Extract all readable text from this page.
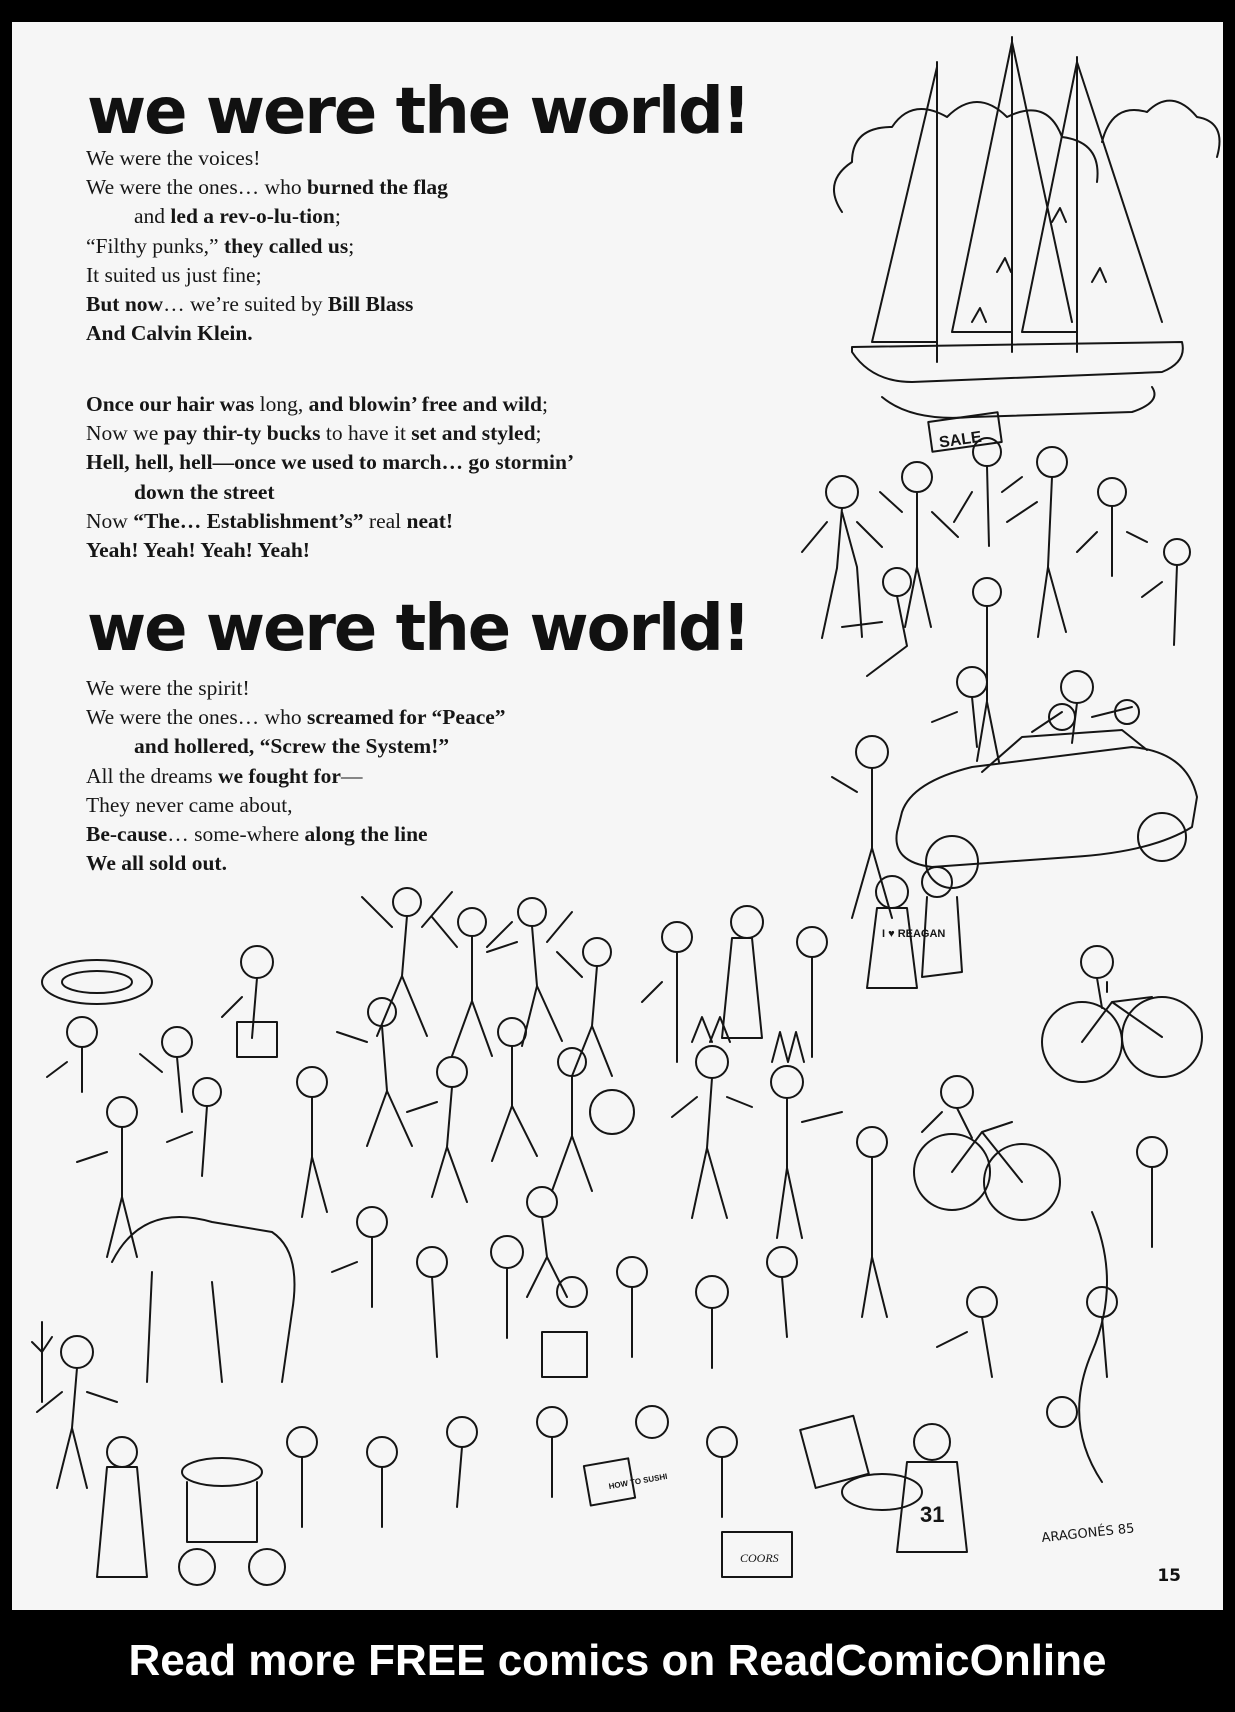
we were the world!
We were the voices!
We were the ones… who burned the flag
and led a rev-o-lu-tion;
“Filthy punks,” they called us;
It suited us just fine;
But now… we’re suited by Bill Blass
And Calvin Klein.
Once our hair was long, and blowin’ free and wild;
Now we pay thir-ty bucks to have it set and styled;
Hell, hell, hell—once we used to march… go stormin’
down the street
Now “The… Establishment’s” real neat!
Yeah! Yeah! Yeah! Yeah!
we were the world!
We were the spirit!
We were the ones… who screamed for “Peace”
and hollered, “Screw the System!”
All the dreams we fought for—
They never came about,
Be-cause… some-where along the line
We all sold out.
SALE
I ♥ REAGAN
HOW TO SUSHI
COORS
31
ARAGONÉS 85
15
Read more FREE comics on ReadComicOnline
